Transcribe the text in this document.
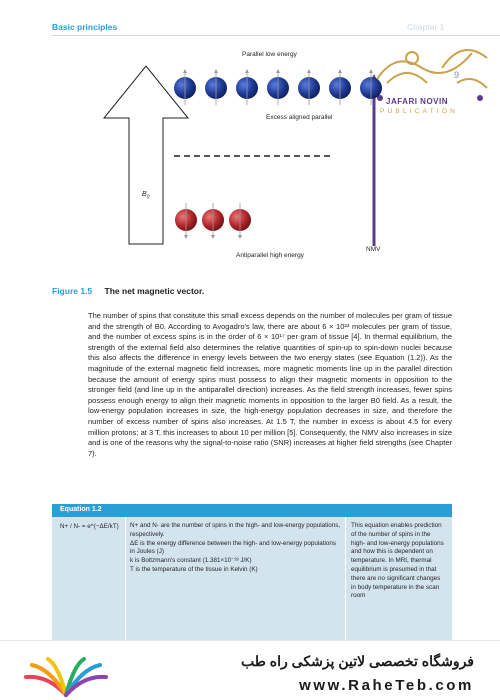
Basic principles	Chapter 1
9
JAFARI NOVIN
PUBLICATION
Parallel low energy
Excess aligned parallel
$B_0$
NMV
Antiparallel high energy
Figure 1.5 The net magnetic vector.

The number of spins that constitute this small excess depends on the number of molecules per gram of tissue and the strength of B0. According to Avogadro's law, there are about 6 × 10²³ molecules per gram of tissue, and the number of excess spins is in the order of 6 × 10¹⁷ per gram of tissue [4]. In thermal equilibrium, the strength of the external field also determines the relative quantities of spin-up to spin-down nuclei because this also affects the difference in energy levels between the two energy states (see Equation (1.2)). As the magnitude of the external magnetic field increases, more magnetic moments line up in the parallel direction because the amount of energy spins must possess to align their magnetic moments in opposition to the stronger field (and line up in the antiparallel direction) increases. As the field strength increases, fewer spins possess enough energy to align their magnetic moments in opposition to the larger B0 field. As a result, the low-energy population increases in size, the high-energy population decreases in size, and therefore the number of excess number of spins also increases. At 1.5 T, the number in excess is about 4.5 for every million protons; at 3 T, this increases to about 10 per million [5]. Consequently, the NMV also increases in size and is one of the reasons why the signal-to-noise ratio (SNR) increases at higher field strengths (see Chapter 7).

Equation 1.2
N+ / N- = e^(−ΔE/kT) N+ and N- are the number of spins in the high- and low-energy populations, respectively.
ΔE is the energy difference between the high- and low-energy populations in Joules (J)
k is Boltzmann's constant (1.381×10⁻²³ J/K)
T is the temperature of the tissue in Kelvin (K)
This equation enables prediction of the number of spins in the high- and low-energy populations and how this is dependent on temperature. In MRI, thermal equilibrium is presumed in that there are no significant changes in body temperature in the scan room
فروشگاه تخصصی لاتین پزشکی راه طب
www.RaheTeb.com
